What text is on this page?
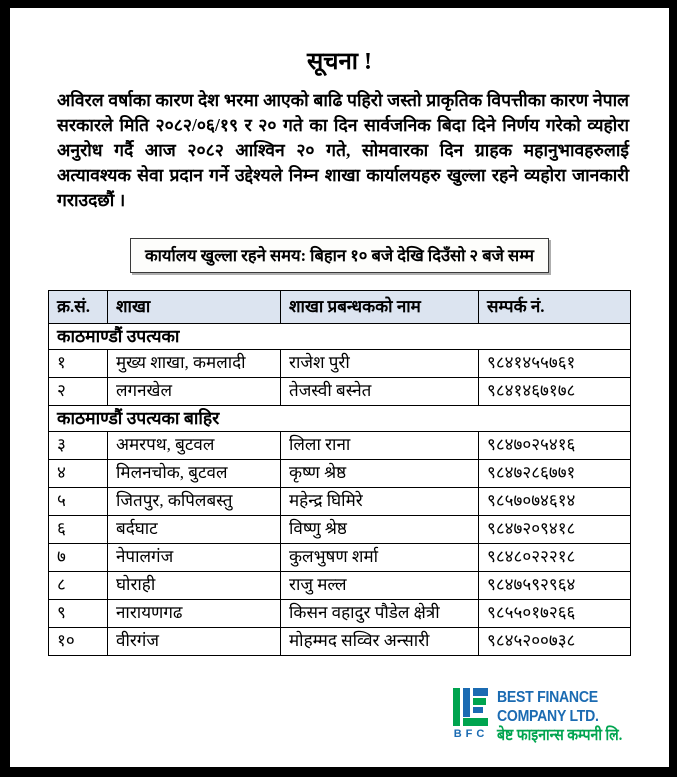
सूचना !

अविरल वर्षाका कारण देश भरमा आएको बाढि पहिरो जस्तो प्राकृतिक विपत्तीका कारण नेपाल सरकारले मिति २०८२/०६/१९ र २० गते का दिन सार्वजनिक बिदा दिने निर्णय गरेको व्यहोरा अनुरोध गर्दै आज २०८२ आश्विन २० गते, सोमवारका दिन ग्राहक महानुभावहरुलाई अत्यावश्यक सेवा प्रदान गर्ने उद्देश्यले निम्न शाखा कार्यालयहरु खुल्ला रहने व्यहोरा जानकारी गराउदछौं ।

कार्यालय खुल्ला रहने समय: बिहान १० बजे देखि दिउँसो २ बजे सम्म
क्र.सं.	शाखा	शाखा प्रबन्धकको नाम	सम्पर्क नं.
काठमाण्डौं उपत्यका			
१	मुख्य शाखा, कमलादी	राजेश पुरी	९८४१४५५७६१
२	लगनखेल	तेजस्वी बस्नेत	९८४१४६७१७८
काठमाण्डौं उपत्यका बाहिर			
३	अमरपथ, बुटवल	लिला राना	९८४७०२५४१६
४	मिलनचोक, बुटवल	कृष्ण श्रेष्ठ	९८४७२८६७७१
५	जितपुर, कपिलबस्तु	महेन्द्र घिमिरे	९८५७०७४६१४
६	बर्दघाट	विष्णु श्रेष्ठ	९८४७२०९४१८
७	नेपालगंज	कुलभुषण शर्मा	९८४८०२२२१८
८	घोराही	राजु मल्ल	९८४७५९२९६४
९	नारायणगढ	किसन वहादुर पौडेल क्षेत्री	९८५५०१७२६६
१०	वीरगंज	मोहम्मद सव्विर अन्सारी	९८४५२००७३८
BFC
BEST FINANCE COMPANY LTD.
बेष्ट फाइनान्स कम्पनी लि.
